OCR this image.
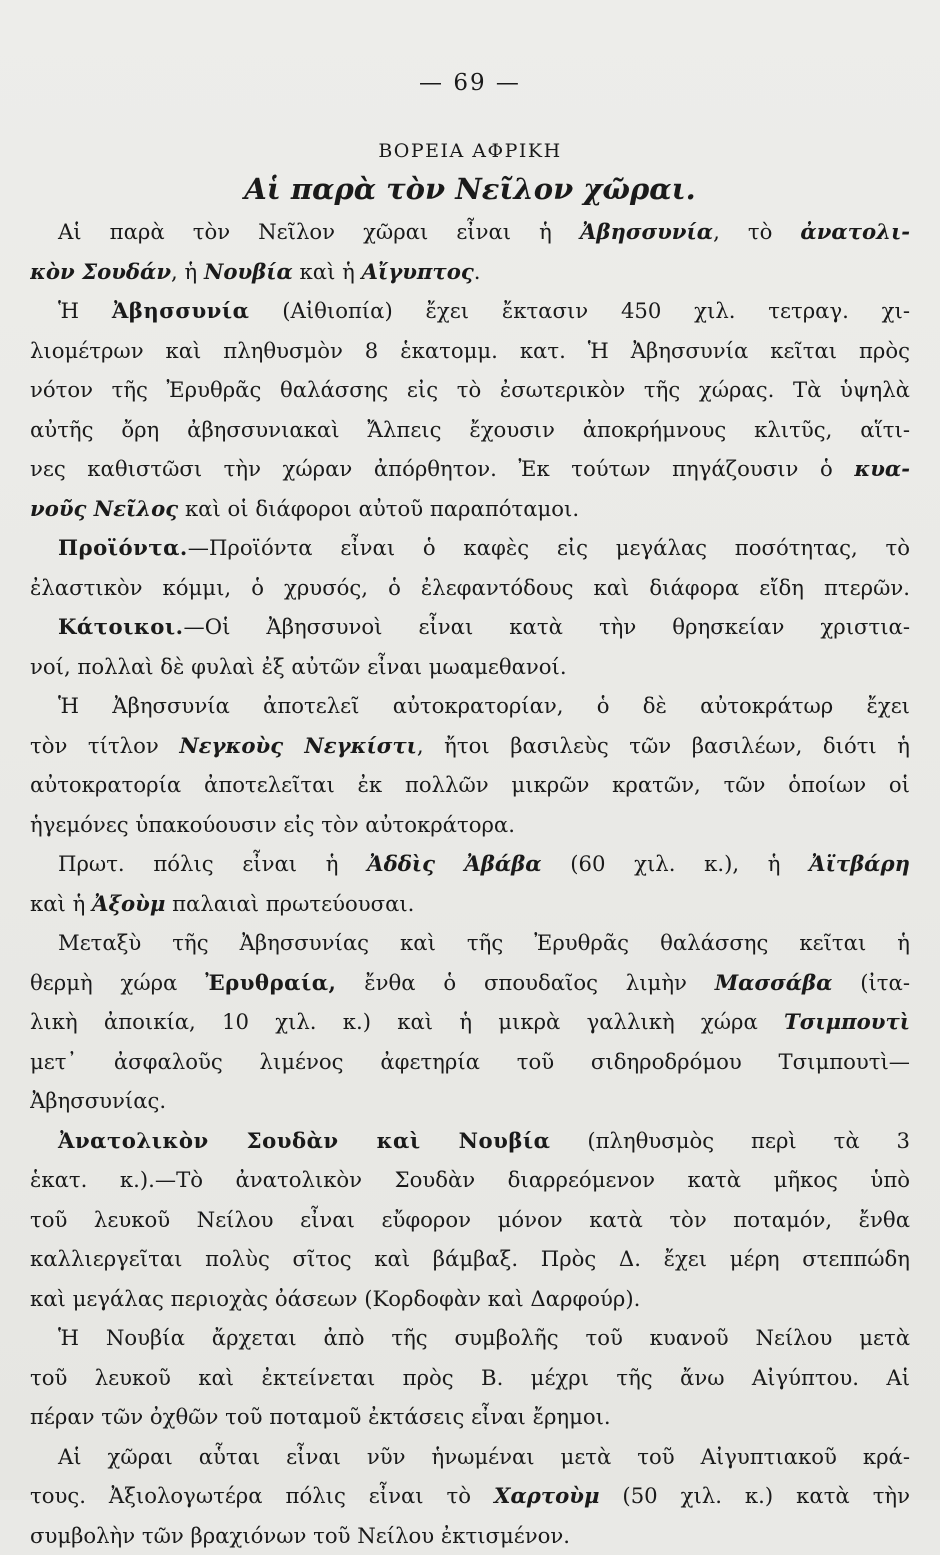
— 69 —
ΒΟΡΕΙΑ ΑΦΡΙΚΗ
Αἱ παρὰ τὸν Νεῖλον χῶραι.
Αἱ παρὰ τὸν Νεῖλον χῶραι εἶναι ἡ Ἀβησσυνία, τὸ ἀνατολι-
κὸν Σουδάν, ἡ Νουβία καὶ ἡ Αἴγυπτος.
Ἡ Ἀβησσυνία (Αἰθιοπία) ἔχει ἔκτασιν 450 χιλ. τετραγ. χι-
λιομέτρων καὶ πληθυσμὸν 8 ἑκατομμ. κατ. Ἡ Ἀβησσυνία κεῖται πρὸς
νότον τῆς Ἐρυθρᾶς θαλάσσης εἰς τὸ ἐσωτερικὸν τῆς χώρας. Τὰ ὑψηλὰ
αὐτῆς ὄρη ἀβησσυνιακαὶ Ἄλπεις ἔχουσιν ἀποκρήμνους κλιτῦς, αἵτι-
νες καθιστῶσι τὴν χώραν ἀπόρθητον. Ἐκ τούτων πηγάζουσιν ὁ κυα-
νοῦς Νεῖλος καὶ οἱ διάφοροι αὐτοῦ παραπόταμοι.
Προϊόντα.—Προϊόντα εἶναι ὁ καφὲς εἰς μεγάλας ποσότητας, τὸ
ἐλαστικὸν κόμμι, ὁ χρυσός, ὁ ἐλεφαντόδους καὶ διάφορα εἴδη πτερῶν.
Κάτοικοι.—Οἱ Ἀβησσυνοὶ εἶναι κατὰ τὴν θρησκείαν χριστια-
νοί, πολλαὶ δὲ φυλαὶ ἐξ αὐτῶν εἶναι μωαμεθανοί.
Ἡ Ἀβησσυνία ἀποτελεῖ αὐτοκρατορίαν, ὁ δὲ αὐτοκράτωρ ἔχει
τὸν τίτλον Νεγκοὺς Νεγκίστι, ἤτοι βασιλεὺς τῶν βασιλέων, διότι ἡ
αὐτοκρατορία ἀποτελεῖται ἐκ πολλῶν μικρῶν κρατῶν, τῶν ὁποίων οἱ
ἡγεμόνες ὑπακούουσιν εἰς τὸν αὐτοκράτορα.
Πρωτ. πόλις εἶναι ἡ Ἀδδὶς Ἀβάβα (60 χιλ. κ.), ἡ Ἀϊτβάρη
καὶ ἡ Ἀξοὺμ παλαιαὶ πρωτεύουσαι.
Μεταξὺ τῆς Ἀβησσυνίας καὶ τῆς Ἐρυθρᾶς θαλάσσης κεῖται ἡ
θερμὴ χώρα Ἐρυθραία, ἔνθα ὁ σπουδαῖος λιμὴν Μασσάβα (ἰτα-
λικὴ ἀποικία, 10 χιλ. κ.) καὶ ἡ μικρὰ γαλλικὴ χώρα Τσιμπουτὶ
μετ᾿ ἀσφαλοῦς λιμένος ἀφετηρία τοῦ σιδηροδρόμου Τσιμπουτὶ—
Ἀβησσυνίας.
Ἀνατολικὸν Σουδὰν καὶ Νουβία (πληθυσμὸς περὶ τὰ 3
ἑκατ. κ.).—Τὸ ἀνατολικὸν Σουδὰν διαρρεόμενον κατὰ μῆκος ὑπὸ
τοῦ λευκοῦ Νείλου εἶναι εὔφορον μόνον κατὰ τὸν ποταμόν, ἔνθα
καλλιεργεῖται πολὺς σῖτος καὶ βάμβαξ. Πρὸς Δ. ἔχει μέρη στεππώδη
καὶ μεγάλας περιοχὰς ὀάσεων (Κορδοφὰν καὶ Δαρφούρ).
Ἡ Νουβία ἄρχεται ἀπὸ τῆς συμβολῆς τοῦ κυανοῦ Νείλου μετὰ
τοῦ λευκοῦ καὶ ἐκτείνεται πρὸς Β. μέχρι τῆς ἄνω Αἰγύπτου. Αἱ
πέραν τῶν ὀχθῶν τοῦ ποταμοῦ ἐκτάσεις εἶναι ἔρημοι.
Αἱ χῶραι αὗται εἶναι νῦν ἡνωμέναι μετὰ τοῦ Αἰγυπτιακοῦ κρά-
τους. Ἀξιολογωτέρα πόλις εἶναι τὸ Χαρτοὺμ (50 χιλ. κ.) κατὰ τὴν
συμβολὴν τῶν βραχιόνων τοῦ Νείλου ἐκτισμένον.
